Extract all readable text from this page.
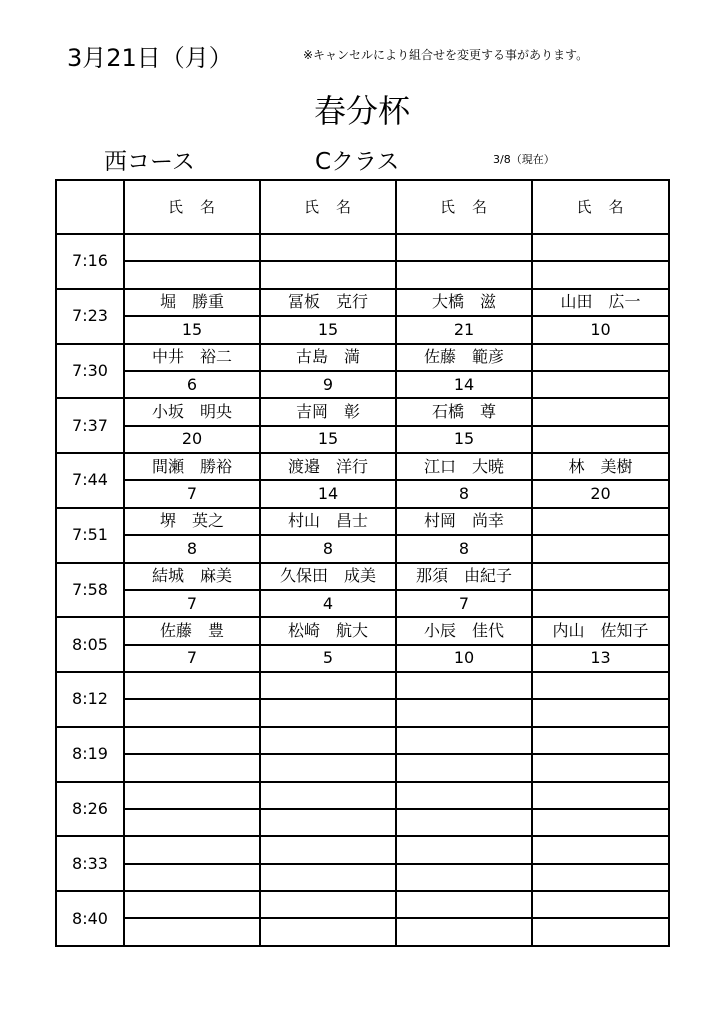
3月21日（月）	※キャンセルにより組合せを変更する事があります。
春分杯
西コース	Cクラス	3/8（現在）
	氏　名	氏　名	氏　名	氏　名
7:16				

7:23	堀　勝重	冨板　克行	大橋　滋	山田　広一
	15	15	21	10
7:30	中井　裕二	古島　満	佐藤　範彦	
	6	9	14	
7:37	小坂　明央	吉岡　彰	石橋　尊	
	20	15	15	
7:44	間瀬　勝裕	渡邉　洋行	江口　大暁	林　美樹
	7	14	8	20
7:51	堺　英之	村山　昌士	村岡　尚幸	
	8	8	8	
7:58	結城　麻美	久保田　成美	那須　由紀子	
	7	4	7	
8:05	佐藤　豊	松崎　航大	小辰　佳代	内山　佐知子
	7	5	10	13
8:12				

8:19				

8:26				

8:33				

8:40				
